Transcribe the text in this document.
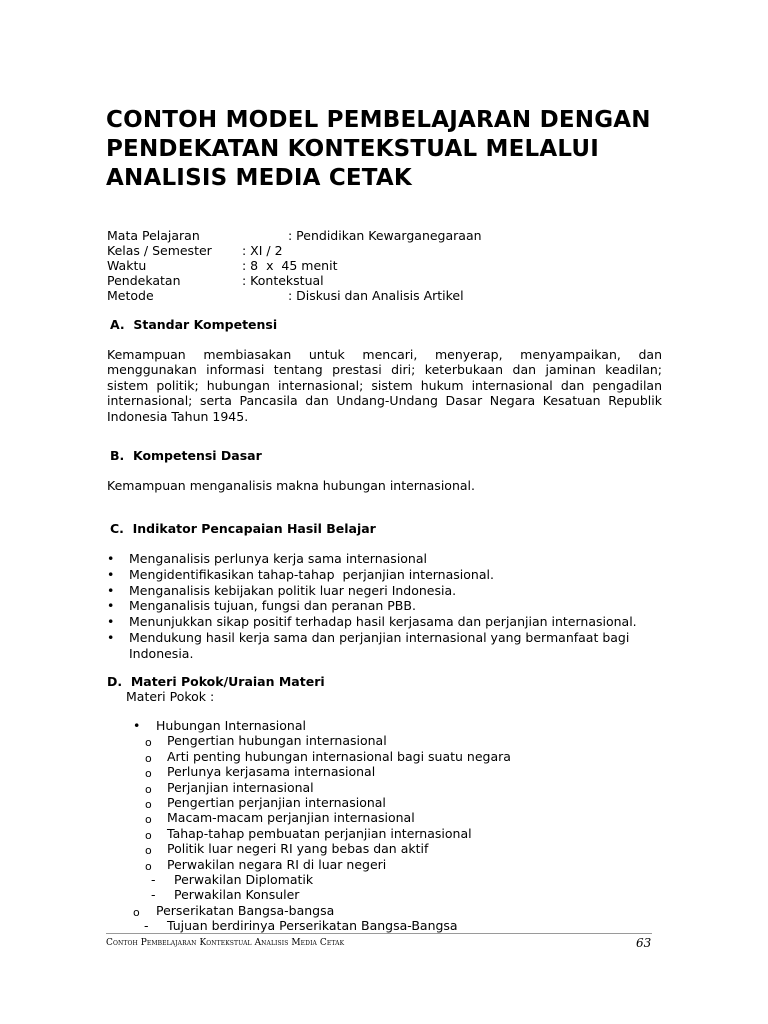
CONTOH MODEL PEMBELAJARAN DENGAN PENDEKATAN KONTEKSTUAL MELALUI ANALISIS MEDIA CETAK
Mata Pelajaran	: Pendidikan Kewarganegaraan
Kelas / Semester : XI / 2
Waktu	: 8  x  45 menit
Pendekatan	: Kontekstual
Metode	: Diskusi dan Analisis Artikel
A.  Standar Kompetensi
Kemampuan membiasakan untuk mencari, menyerap, menyampaikan, dan menggunakan informasi tentang prestasi diri; keterbukaan dan jaminan keadilan; sistem politik; hubungan internasional; sistem hukum internasional dan pengadilan internasional; serta Pancasila dan Undang-Undang Dasar Negara Kesatuan Republik Indonesia Tahun 1945.
B.  Kompetensi Dasar
Kemampuan menganalisis makna hubungan internasional.
C.  Indikator Pencapaian Hasil Belajar
• Menganalisis perlunya kerja sama internasional
• Mengidentifikasikan tahap-tahap  perjanjian internasional.
• Menganalisis kebijakan politik luar negeri Indonesia.
• Menganalisis tujuan, fungsi dan peranan PBB.
• Menunjukkan sikap positif terhadap hasil kerjasama dan perjanjian internasional.
• Mendukung hasil kerja sama dan perjanjian internasional yang bermanfaat bagi
Indonesia.
D.  Materi Pokok/Uraian Materi
Materi Pokok :
• Hubungan Internasional
o Pengertian hubungan internasional
o Arti penting hubungan internasional bagi suatu negara
o Perlunya kerjasama internasional
o Perjanjian internasional
o Pengertian perjanjian internasional
o Macam-macam perjanjian internasional
o Tahap-tahap pembuatan perjanjian internasional
o Politik luar negeri RI yang bebas dan aktif
o Perwakilan negara RI di luar negeri
- Perwakilan Diplomatik
- Perwakilan Konsuler
o Perserikatan Bangsa-bangsa
- Tujuan berdirinya Perserikatan Bangsa-Bangsa
Contoh Pembelajaran Kontekstual Analisis Media Cetak	63
